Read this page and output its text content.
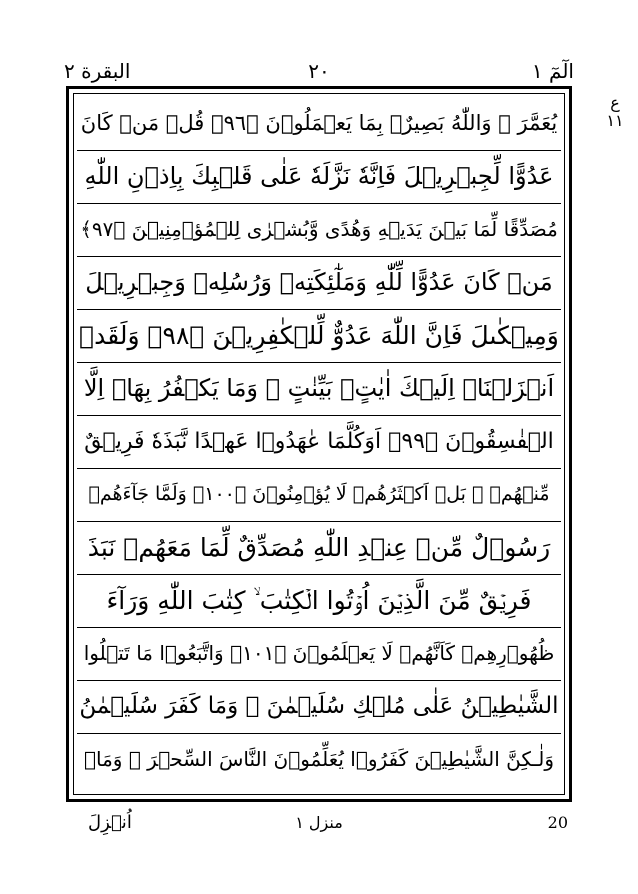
البقرة ٢	٢٠	الٓمٓ ١
ع ١١
يُعَمَّرَ ۗ وَاللّٰهُ بَصِيرٌۢ بِمَا يَعۡمَلُوۡنَ ﴿٩٦﴾ قُلۡ مَنۡ كَانَ
عَدُوًّا لِّجِبۡرِيۡلَ فَاِنَّهٗ نَزَّلَهٗ عَلٰى قَلۡبِكَ بِاِذۡنِ اللّٰهِ
مُصَدِّقًا لِّمَا بَيۡنَ يَدَيۡهِ وَهُدًى وَّبُشۡرٰى لِلۡمُؤۡمِنِيۡنَ ﴿٩٧﴾
مَنۡ كَانَ عَدُوًّا لِّلّٰهِ وَمَلٰٓئِكَتِهٖ وَرُسُلِهٖ وَجِبۡرِيۡلَ
وَمِيۡكٰٮلَ فَاِنَّ اللّٰهَ عَدُوٌّ لِّلۡكٰفِرِيۡنَ ﴿٩٨﴾ وَلَقَدۡ
اَنۡزَلۡنَاۤ اِلَيۡكَ اٰيٰتٍۢ بَيِّنٰتٍ ۚ وَمَا يَكۡفُرُ بِهَاۤ اِلَّا
الۡفٰسِقُوۡنَ ﴿٩٩﴾ اَوَكُلَّمَا عٰهَدُوۡا عَهۡدًا نَّبَذَهٗ فَرِيۡقٌ
مِّنۡهُمۡ ۗ بَلۡ اَكۡثَرُهُمۡ لَا يُؤۡمِنُوۡنَ ﴿١٠٠﴾ وَلَمَّا جَآءَهُمۡ
رَسُوۡلٌ مِّنۡ عِنۡدِ اللّٰهِ مُصَدِّقٌ لِّمَا مَعَهُمۡ نَبَذَ
فَرِيۡقٌ مِّنَ الَّذِيۡنَ اُوۡتُوا الۡكِتٰبَ ۙ كِتٰبَ اللّٰهِ وَرَآءَ
ظُهُوۡرِهِمۡ كَاَنَّهُمۡ لَا يَعۡلَمُوۡنَ ﴿١٠١﴾ وَاتَّبَعُوۡا مَا تَتۡلُوا
الشَّيٰطِيۡنُ عَلٰى مُلۡكِ سُلَيۡمٰنَ ۚ وَمَا كَفَرَ سُلَيۡمٰنُ
وَلٰـكِنَّ الشَّيٰطِيۡنَ كَفَرُوۡا يُعَلِّمُوۡنَ النَّاسَ السِّحۡرَ ۗ وَمَاۤ
اُنۡزِلَ	منزل ١	20
